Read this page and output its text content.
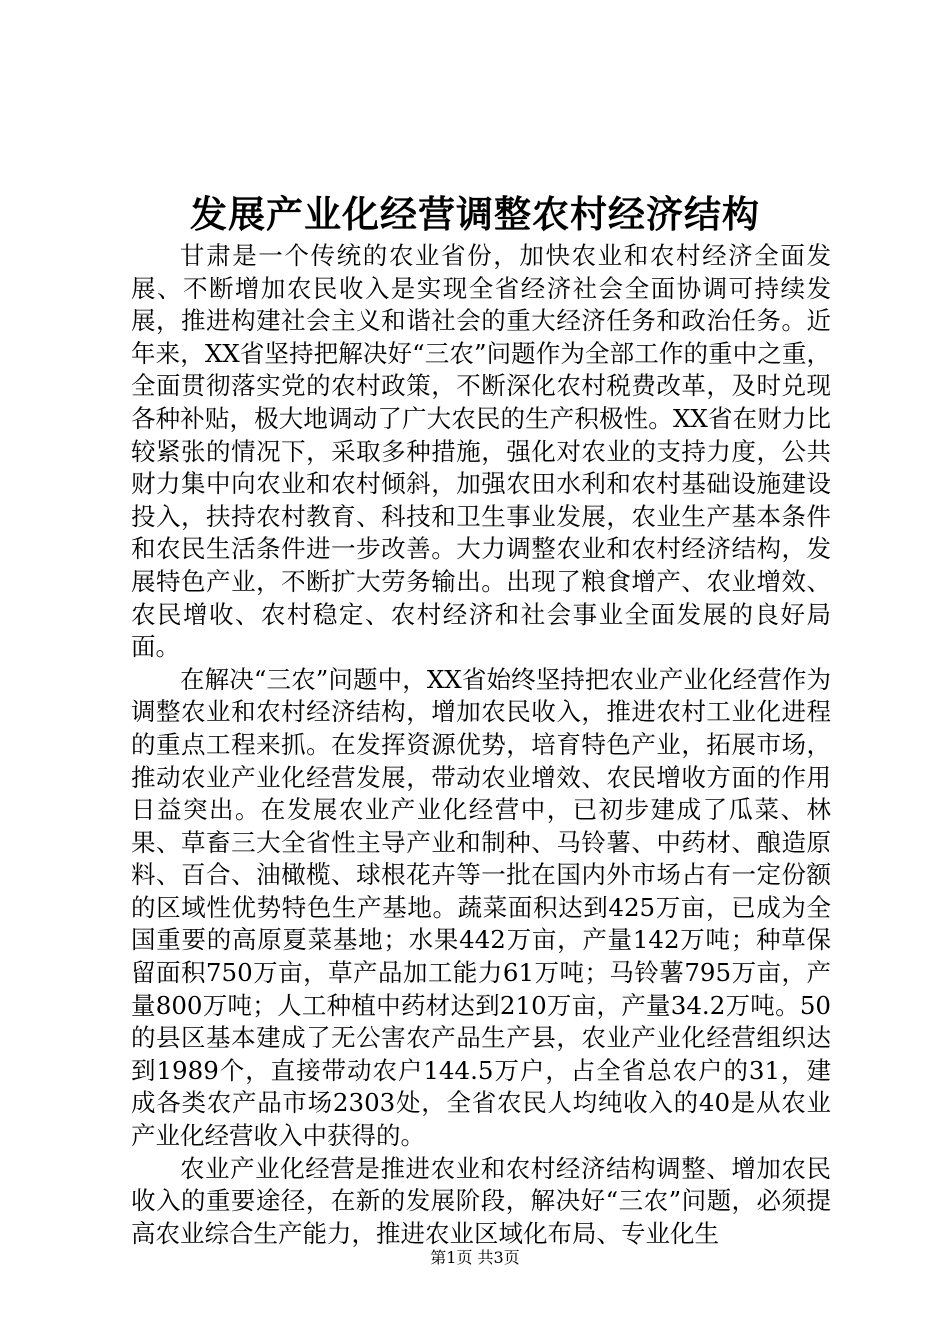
发展产业化经营调整农村经济结构

甘肃是一个传统的农业省份，加快农业和农村经济全面发展、不断增加农民收入是实现全省经济社会全面协调可持续发展，推进构建社会主义和谐社会的重大经济任务和政治任务。近年来，XX省坚持把解决好“三农”问题作为全部工作的重中之重，全面贯彻落实党的农村政策，不断深化农村税费改革，及时兑现各种补贴，极大地调动了广大农民的生产积极性。XX省在财力比较紧张的情况下，采取多种措施，强化对农业的支持力度，公共财力集中向农业和农村倾斜，加强农田水利和农村基础设施建设投入，扶持农村教育、科技和卫生事业发展，农业生产基本条件和农民生活条件进一步改善。大力调整农业和农村经济结构，发展特色产业，不断扩大劳务输出。出现了粮食增产、农业增效、农民增收、农村稳定、农村经济和社会事业全面发展的良好局面。

在解决“三农”问题中，XX省始终坚持把农业产业化经营作为调整农业和农村经济结构，增加农民收入，推进农村工业化进程的重点工程来抓。在发挥资源优势，培育特色产业，拓展市场，推动农业产业化经营发展，带动农业增效、农民增收方面的作用日益突出。在发展农业产业化经营中，已初步建成了瓜菜、林果、草畜三大全省性主导产业和制种、马铃薯、中药材、酿造原料、百合、油橄榄、球根花卉等一批在国内外市场占有一定份额的区域性优势特色生产基地。蔬菜面积达到425万亩，已成为全国重要的高原夏菜基地；水果442万亩，产量142万吨；种草保留面积750万亩，草产品加工能力61万吨；马铃薯795万亩，产量800万吨；人工种植中药材达到210万亩，产量34.2万吨。50的县区基本建成了无公害农产品生产县，农业产业化经营组织达到1989个，直接带动农户144.5万户，占全省总农户的31，建成各类农产品市场2303处，全省农民人均纯收入的40是从农业产业化经营收入中获得的。

农业产业化经营是推进农业和农村经济结构调整、增加农民收入的重要途径，在新的发展阶段，解决好“三农”问题，必须提高农业综合生产能力，推进农业区域化布局、专业化生

第1页 共3页
